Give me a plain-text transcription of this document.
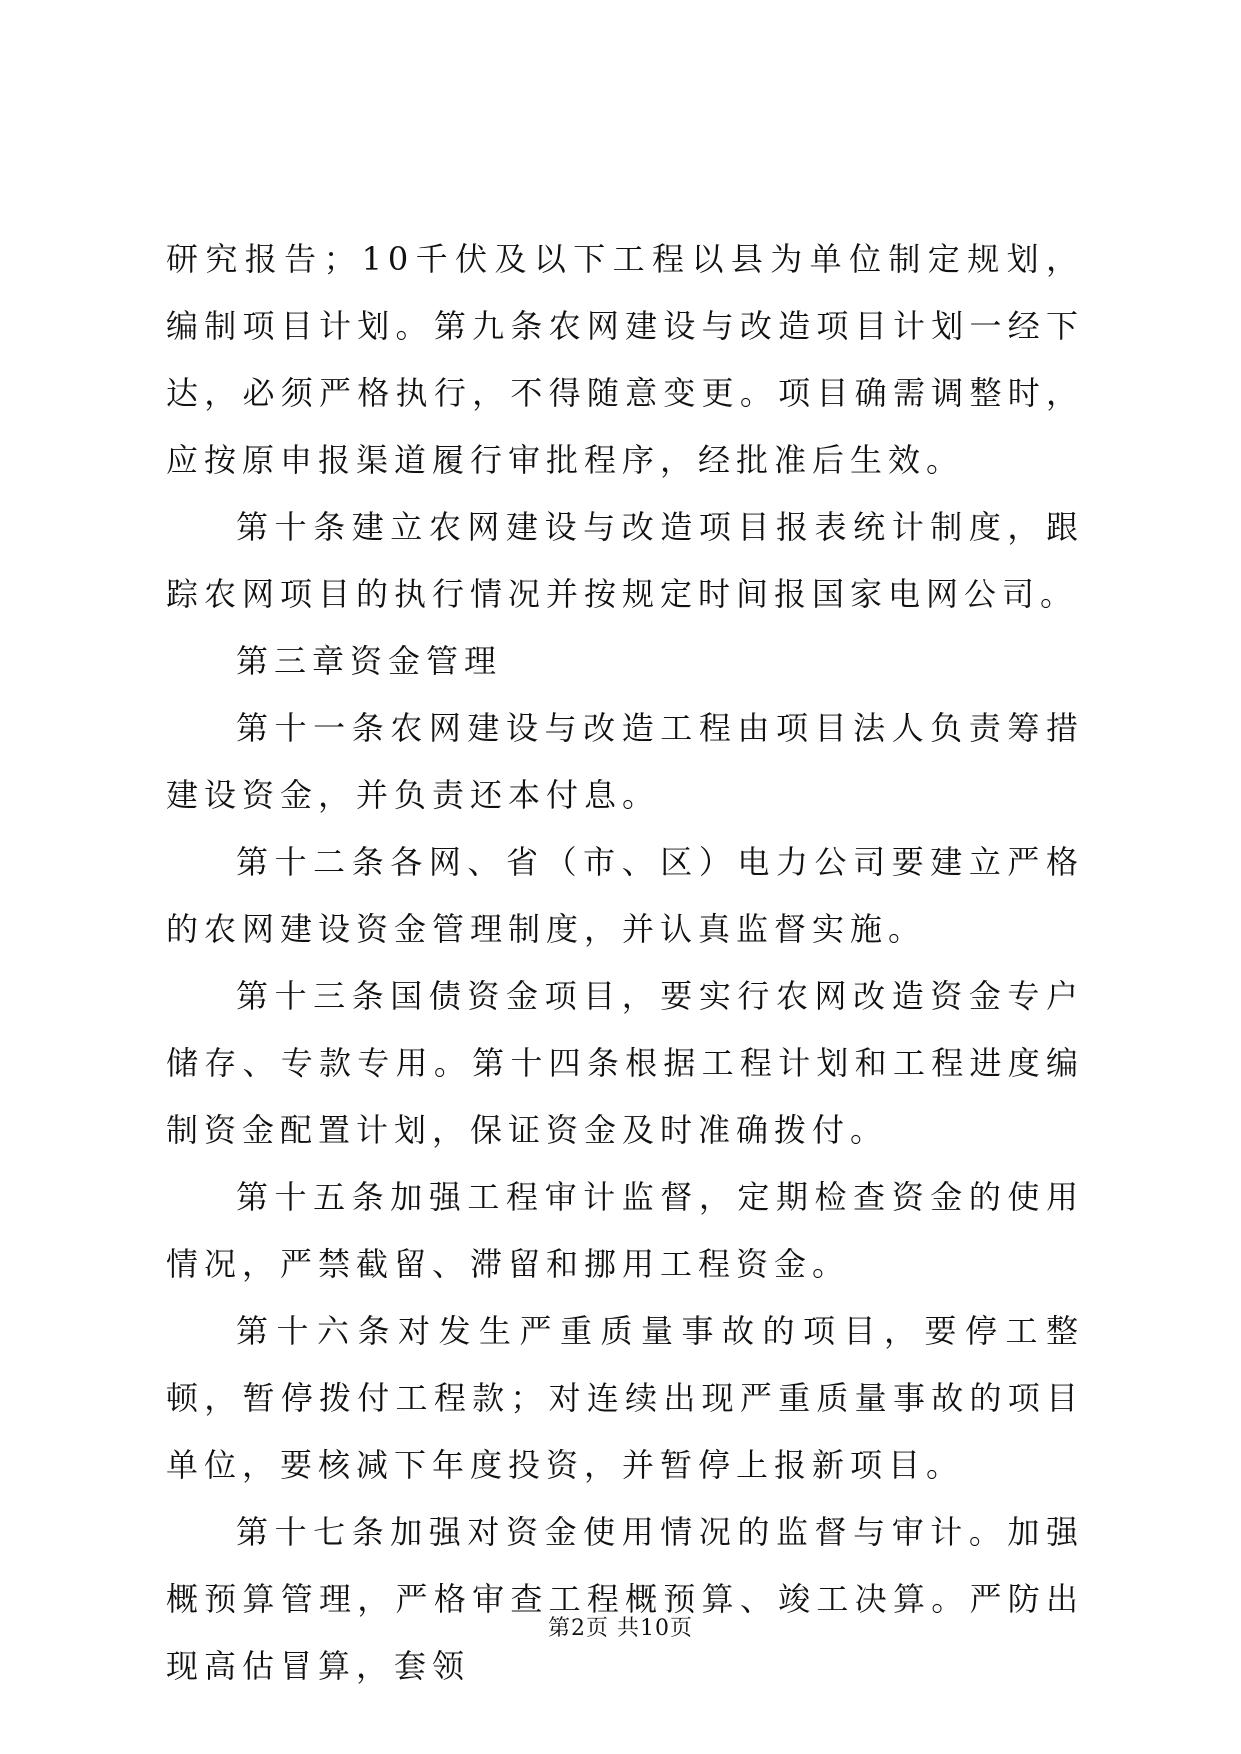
研究报告；10千伏及以下工程以县为单位制定规划，编制项目计划。第九条农网建设与改造项目计划一经下达，必须严格执行，不得随意变更。项目确需调整时，应按原申报渠道履行审批程序，经批准后生效。

第十条建立农网建设与改造项目报表统计制度，跟踪农网项目的执行情况并按规定时间报国家电网公司。

第三章资金管理

第十一条农网建设与改造工程由项目法人负责筹措建设资金，并负责还本付息。

第十二条各网、省（市、区）电力公司要建立严格的农网建设资金管理制度，并认真监督实施。

第十三条国债资金项目，要实行农网改造资金专户储存、专款专用。第十四条根据工程计划和工程进度编制资金配置计划，保证资金及时准确拨付。

第十五条加强工程审计监督，定期检查资金的使用情况，严禁截留、滞留和挪用工程资金。

第十六条对发生严重质量事故的项目，要停工整顿，暂停拨付工程款；对连续出现严重质量事故的项目单位，要核减下年度投资，并暂停上报新项目。

第十七条加强对资金使用情况的监督与审计。加强概预算管理，严格审查工程概预算、竣工决算。严防出现高估冒算，套领

第2页 共10页
